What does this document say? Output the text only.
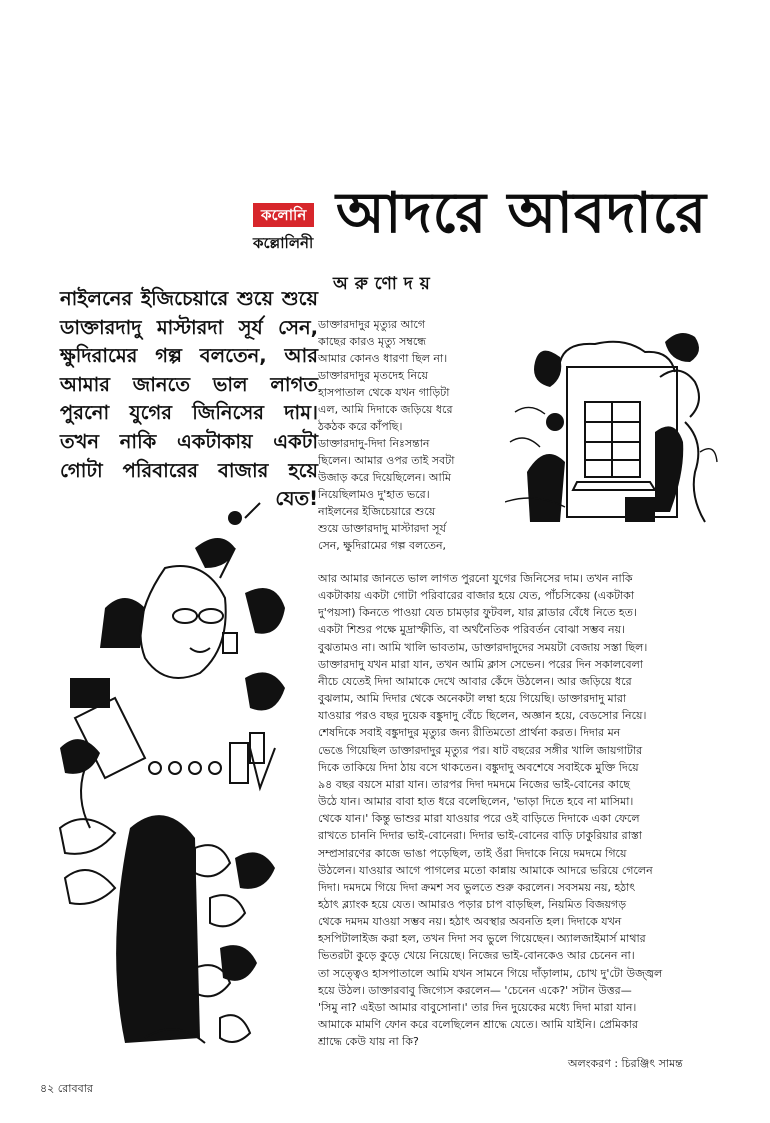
কলোনি
কল্লোলিনী আদরে আবদারে
নাইলনের ইজিচেয়ারে শুয়ে শুয়ে ডাক্তারদাদু মাস্টারদা সূর্য সেন, ক্ষুদিরামের গল্প বলতেন, আর আমার জানতে ভাল লাগত পুরনো যুগের জিনিসের দাম। তখন নাকি একটাকায় একটা গোটা পরিবারের বাজার হয়ে যেত!
অরুণোদয়
ডাক্তারদাদুর মৃত্যুর আগে
কাছের কারও মৃত্যু সম্বন্ধে
আমার কোনও ধারণা ছিল না।
ডাক্তারদাদুর মৃতদেহ নিয়ে
হাসপাতাল থেকে যখন গাড়িটা
এল, আমি দিদাকে জড়িয়ে ধরে
ঠকঠক করে কাঁপছি।
ডাক্তারদাদু-দিদা নিঃসন্তান
ছিলেন। আমার ওপর তাই সবটা
উজাড় করে দিয়েছিলেন। আমি
নিয়েছিলামও দু'হাত ভরে।
নাইলনের ইজিচেয়ারে শুয়ে
শুয়ে ডাক্তারদাদু মাস্টারদা সূর্য
সেন, ক্ষুদিরামের গল্প বলতেন,
আর আমার জানতে ভাল লাগত পুরনো যুগের জিনিসের দাম। তখন নাকি
একটাকায় একটা গোটা পরিবারের বাজার হয়ে যেত, পাঁচসিকেয় (একটাকা
দু'পয়সা) কিনতে পাওয়া যেত চামড়ার ফুটবল, যার ব্লাডার বেঁধে নিতে হত।
একটা শিশুর পক্ষে মুদ্রাস্ফীতি, বা অর্থনৈতিক পরিবর্তন বোঝা সম্ভব নয়।
বুঝতামও না। আমি খালি ভাবতাম, ডাক্তারদাদুদের সময়টা বেজায় সস্তা ছিল।
ডাক্তারদাদু যখন মারা যান, তখন আমি ক্লাস সেভেন। পরের দিন সকালবেলা
নীচে যেতেই দিদা আমাকে দেখে আবার কেঁদে উঠলেন। আর জড়িয়ে ধরে
বুঝলাম, আমি দিদার থেকে অনেকটা লম্বা হয়ে গিয়েছি। ডাক্তারদাদু মারা
যাওয়ার পরও বছর দুয়েক বঙ্কুদাদু বেঁচে ছিলেন, অজ্ঞান হয়ে, বেডসোর নিয়ে।
শেষদিকে সবাই বঙ্কুদাদুর মৃত্যুর জন্য রীতিমতো প্রার্থনা করত। দিদার মন
ভেঙে গিয়েছিল ডাক্তারদাদুর মৃত্যুর পর। ষাট বছরের সঙ্গীর খালি জায়গাটার
দিকে তাকিয়ে দিদা ঠায় বসে থাকতেন। বঙ্কুদাদু অবশেষে সবাইকে মুক্তি দিয়ে
৯৪ বছর বয়সে মারা যান। তারপর দিদা দমদমে নিজের ভাই-বোনের কাছে
উঠে যান। আমার বাবা হাত ধরে বলেছিলেন, 'ভাড়া দিতে হবে না মাসিমা।
থেকে যান।' কিন্তু ভাশুর মারা যাওয়ার পরে ওই বাড়িতে দিদাকে একা ফেলে
রাখতে চাননি দিদার ভাই-বোনেরা। দিদার ভাই-বোনের বাড়ি ঢাকুরিয়ার রাস্তা
সম্প্রসারণের কাজে ভাঙা পড়েছিল, তাই ওঁরা দিদাকে নিয়ে দমদমে গিয়ে
উঠলেন। যাওয়ার আগে পাগলের মতো কান্নায় আমাকে আদরে ভরিয়ে গেলেন
দিদা। দমদমে গিয়ে দিদা ক্রমশ সব ভুলতে শুরু করলেন। সবসময় নয়, হঠাৎ
হঠাৎ ব্ল্যাংক হয়ে যেত। আমারও পড়ার চাপ বাড়ছিল, নিয়মিত বিজয়গড়
থেকে দমদম যাওয়া সম্ভব নয়। হঠাৎ অবস্থার অবনতি হল। দিদাকে যখন
হসপিটালাইজ করা হল, তখন দিদা সব ভুলে গিয়েছেন। অ্যালজাইমার্স মাথার
ভিতরটা কুড়ে কুড়ে খেয়ে নিয়েছে। নিজের ভাই-বোনকেও আর চেনেন না।
তা সত্ত্বেও হাসপাতালে আমি যখন সামনে গিয়ে দাঁড়ালাম, চোখ দু'টো উজ্জ্বল
হয়ে উঠল। ডাক্তারবাবু জিগ্যেস করলেন— 'চেনেন একে?' সটান উত্তর—
'সিমু না? এইডা আমার বাবুসোনা।' তার দিন দুয়েকের মধ্যে দিদা মারা যান।
আমাকে মামণি ফোন করে বলেছিলেন শ্রাদ্ধে যেতে। আমি যাইনি। প্রেমিকার
শ্রাদ্ধে কেউ যায় না কি?
অলংকরণ : চিরঞ্জিৎ সামন্ত
৪২ রোববার
